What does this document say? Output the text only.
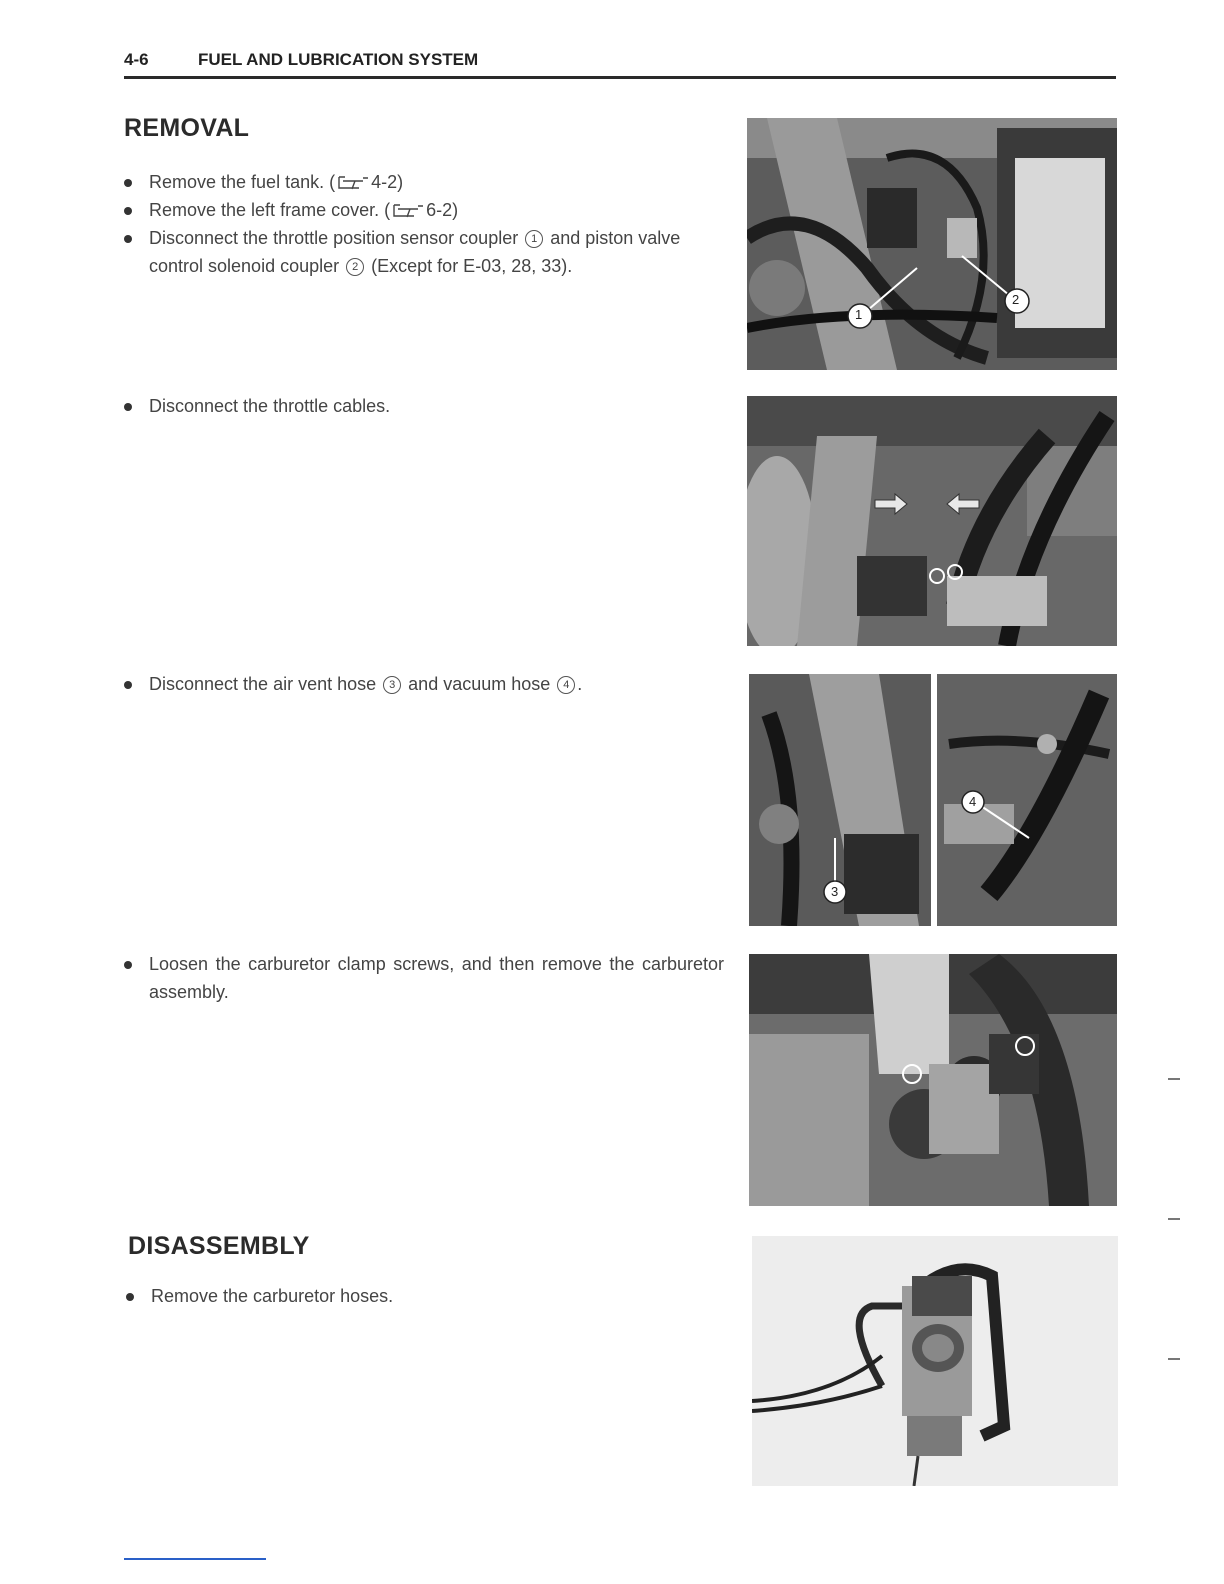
4-6	FUEL AND LUBRICATION SYSTEM
REMOVAL
Remove the fuel tank. ( 4-2)
Remove the left frame cover. ( 6-2)
Disconnect the throttle position sensor coupler 1 and piston valve control solenoid coupler 2 (Except for E-03, 28, 33).
Disconnect the throttle cables.
Disconnect the air vent hose 3 and vacuum hose 4 .
Loosen the carburetor clamp screws, and then remove the carburetor assembly.
DISASSEMBLY
Remove the carburetor hoses.
1
2
3
4
